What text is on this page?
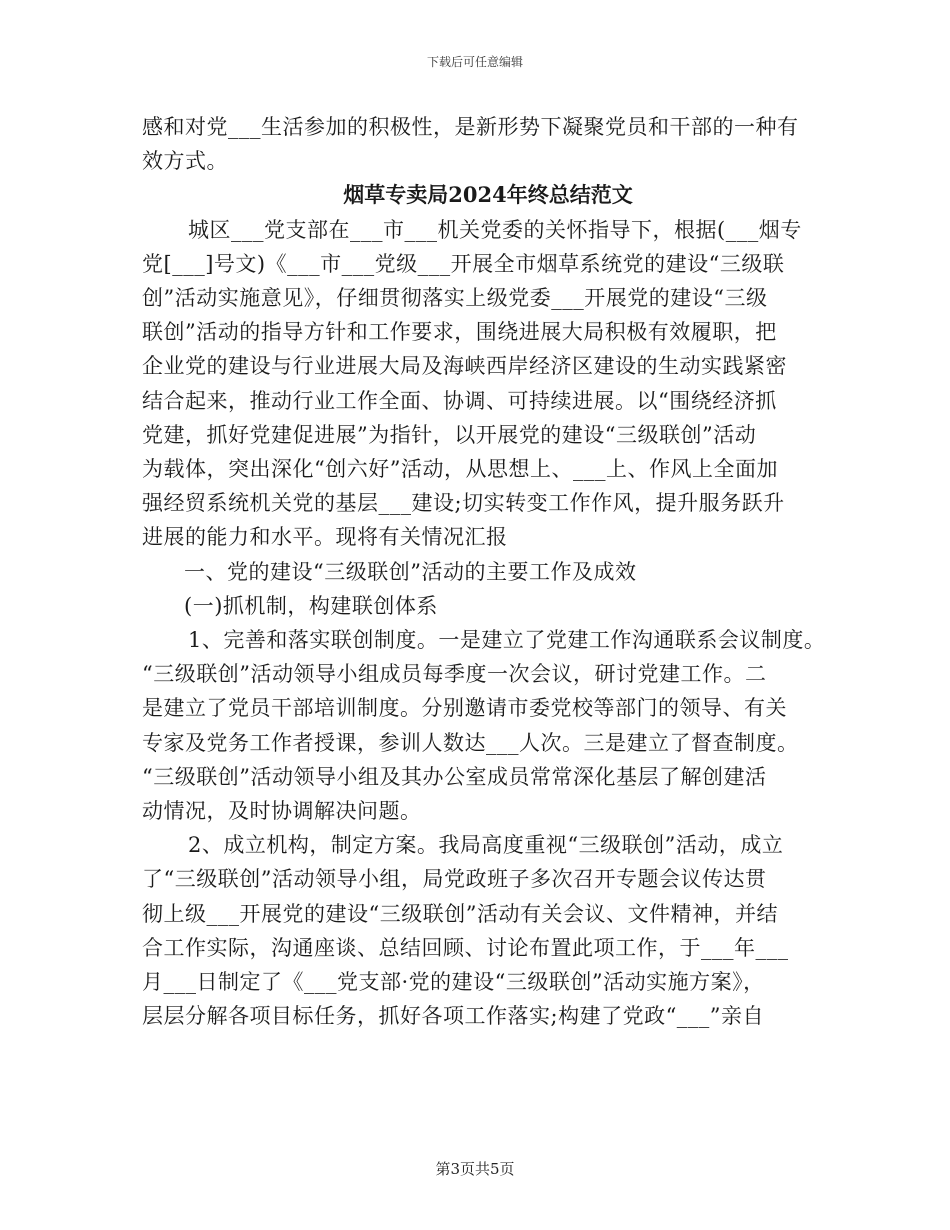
下载后可任意编辑
感和对党___生活参加的积极性，是新形势下凝聚党员和干部的一种有
效方式。
烟草专卖局2024年终总结范文
城区___党支部在___市___机关党委的关怀指导下，根据(___烟专
党[___]号文)《___市___党级___开展全市烟草系统党的建设“三级联
创”活动实施意见》，仔细贯彻落实上级党委___开展党的建设“三级
联创”活动的指导方针和工作要求，围绕进展大局积极有效履职，把
企业党的建设与行业进展大局及海峡西岸经济区建设的生动实践紧密
结合起来，推动行业工作全面、协调、可持续进展。以“围绕经济抓
党建，抓好党建促进展”为指针，以开展党的建设“三级联创”活动
为载体，突出深化“创六好”活动，从思想上、___上、作风上全面加
强经贸系统机关党的基层___建设;切实转变工作作风，提升服务跃升
进展的能力和水平。现将有关情况汇报
一、党的建设“三级联创”活动的主要工作及成效
(一)抓机制，构建联创体系
1、完善和落实联创制度。一是建立了党建工作沟通联系会议制度。
“三级联创”活动领导小组成员每季度一次会议，研讨党建工作。二
是建立了党员干部培训制度。分别邀请市委党校等部门的领导、有关
专家及党务工作者授课，参训人数达___人次。三是建立了督查制度。
“三级联创”活动领导小组及其办公室成员常常深化基层了解创建活
动情况，及时协调解决问题。
2、成立机构，制定方案。我局高度重视“三级联创”活动，成立
了“三级联创”活动领导小组，局党政班子多次召开专题会议传达贯
彻上级___开展党的建设“三级联创”活动有关会议、文件精神，并结
合工作实际，沟通座谈、总结回顾、讨论布置此项工作，于___年___
月___日制定了《___党支部·党的建设“三级联创”活动实施方案》，
层层分解各项目标任务，抓好各项工作落实;构建了党政“___”亲自
第3页共5页
